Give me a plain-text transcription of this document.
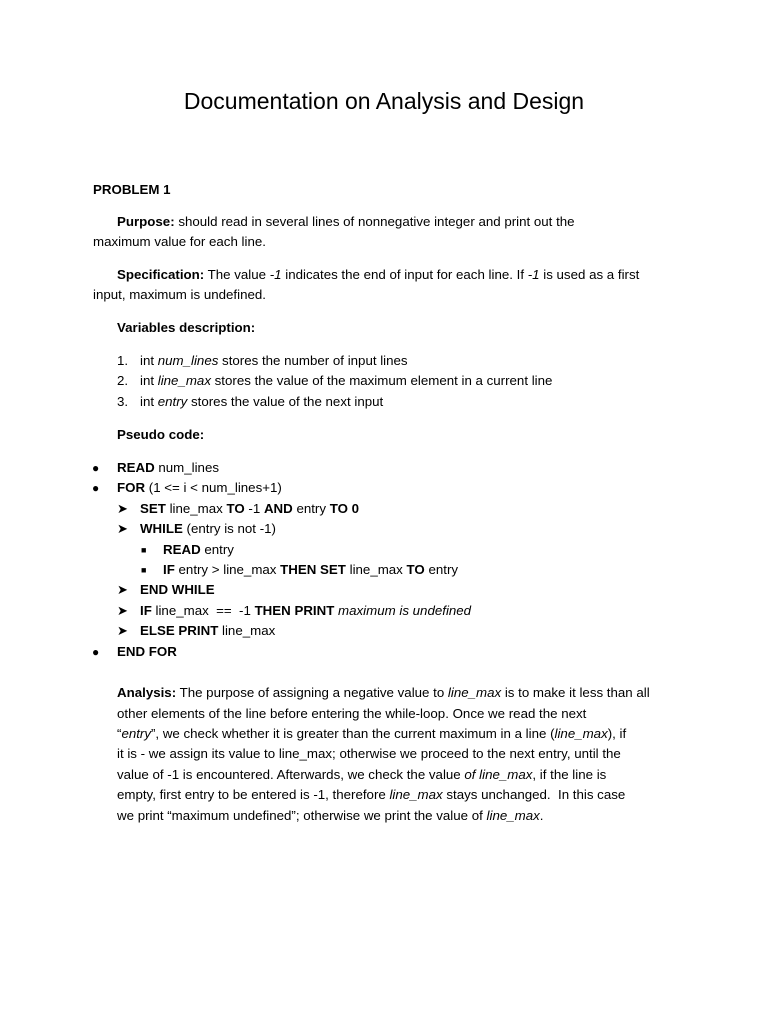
Documentation on Analysis and Design
PROBLEM 1
Purpose: should read in several lines of nonnegative integer and print out the
maximum value for each line.
Specification: The value -1 indicates the end of input for each line. If -1 is used as a first
input, maximum is undefined.
Variables description:
1. int num_lines stores the number of input lines
2. int line_max stores the value of the maximum element in a current line
3. int entry stores the value of the next input
Pseudo code:
● READ num_lines
● FOR (1 <= i < num_lines+1)
➤ SET line_max TO -1 AND entry TO 0
➤ WHILE (entry is not -1)
■ READ entry
■ IF entry > line_max THEN SET line_max TO entry
➤ END WHILE
➤ IF line_max  ==  -1 THEN PRINT maximum is undefined
➤ ELSE PRINT line_max
● END FOR
Analysis: The purpose of assigning a negative value to line_max is to make it less than all
other elements of the line before entering the while-loop. Once we read the next
“entry”, we check whether it is greater than the current maximum in a line (line_max), if
it is - we assign its value to line_max; otherwise we proceed to the next entry, until the
value of -1 is encountered. Afterwards, we check the value of line_max, if the line is
empty, first entry to be entered is -1, therefore line_max stays unchanged.  In this case
we print “maximum undefined”; otherwise we print the value of line_max.
